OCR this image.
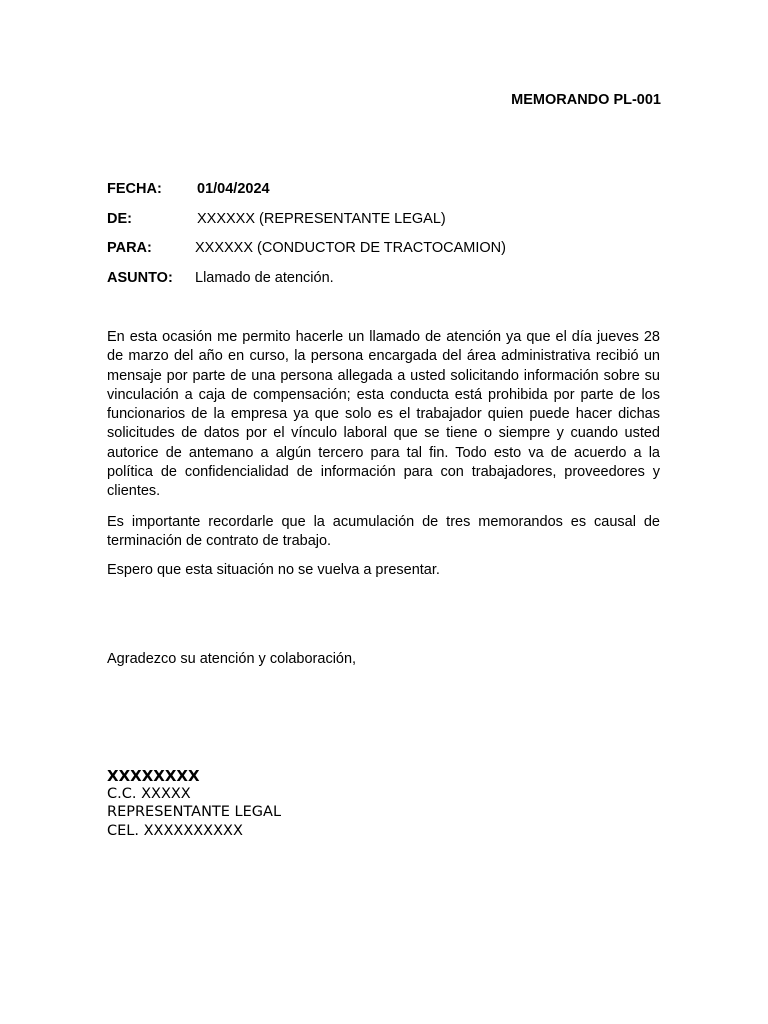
MEMORANDO PL-001
FECHA: 01/04/2024
DE:	XXXXXX (REPRESENTANTE LEGAL)
PARA:	XXXXXX (CONDUCTOR DE TRACTOCAMION)
ASUNTO: Llamado de atención.

En esta ocasión me permito hacerle un llamado de atención ya que el día jueves 28 de marzo del año en curso, la persona encargada del área administrativa recibió un mensaje por parte de una persona allegada a usted solicitando información sobre su vinculación a caja de compensación; esta conducta está prohibida por parte de los funcionarios de la empresa ya que solo es el trabajador quien puede hacer dichas solicitudes de datos por el vínculo laboral que se tiene o siempre y cuando usted autorice de antemano a algún tercero para tal fin. Todo esto va de acuerdo a la política de confidencialidad de información para con trabajadores, proveedores y clientes.

Es importante recordarle que la acumulación de tres memorandos es causal de terminación de contrato de trabajo.

Espero que esta situación no se vuelva a presentar.

Agradezco su atención y colaboración,

XXXXXXXX
C.C. XXXXX
REPRESENTANTE LEGAL
CEL. XXXXXXXXXX
